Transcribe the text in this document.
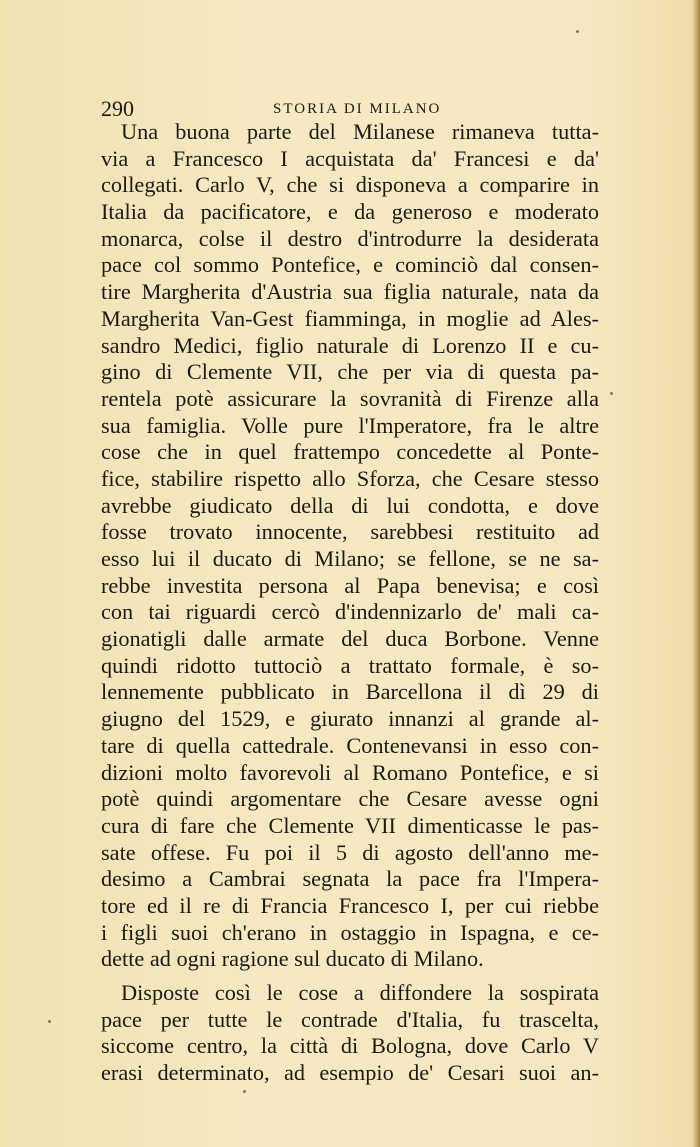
290	STORIA DI MILANO
Una buona parte del Milanese rimaneva tutta-
via a Francesco I acquistata da' Francesi e da'
collegati. Carlo V, che si disponeva a comparire in
Italia da pacificatore, e da generoso e moderato
monarca, colse il destro d'introdurre la desiderata
pace col sommo Pontefice, e cominciò dal consen-
tire Margherita d'Austria sua figlia naturale, nata da
Margherita Van-Gest fiamminga, in moglie ad Ales-
sandro Medici, figlio naturale di Lorenzo II e cu-
gino di Clemente VII, che per via di questa pa-
rentela potè assicurare la sovranità di Firenze alla
sua famiglia. Volle pure l'Imperatore, fra le altre
cose che in quel frattempo concedette al Ponte-
fice, stabilire rispetto allo Sforza, che Cesare stesso
avrebbe giudicato della di lui condotta, e dove
fosse trovato innocente, sarebbesi restituito ad
esso lui il ducato di Milano; se fellone, se ne sa-
rebbe investita persona al Papa benevisa; e così
con tai riguardi cercò d'indennizarlo de' mali ca-
gionatigli dalle armate del duca Borbone. Venne
quindi ridotto tuttociò a trattato formale, è so-
lennemente pubblicato in Barcellona il dì 29 di
giugno del 1529, e giurato innanzi al grande al-
tare di quella cattedrale. Contenevansi in esso con-
dizioni molto favorevoli al Romano Pontefice, e si
potè quindi argomentare che Cesare avesse ogni
cura di fare che Clemente VII dimenticasse le pas-
sate offese. Fu poi il 5 di agosto dell'anno me-
desimo a Cambrai segnata la pace fra l'Impera-
tore ed il re di Francia Francesco I, per cui riebbe
i figli suoi ch'erano in ostaggio in Ispagna, e ce-
dette ad ogni ragione sul ducato di Milano.
Disposte così le cose a diffondere la sospirata
pace per tutte le contrade d'Italia, fu trascelta,
siccome centro, la città di Bologna, dove Carlo V
erasi determinato, ad esempio de' Cesari suoi an-
